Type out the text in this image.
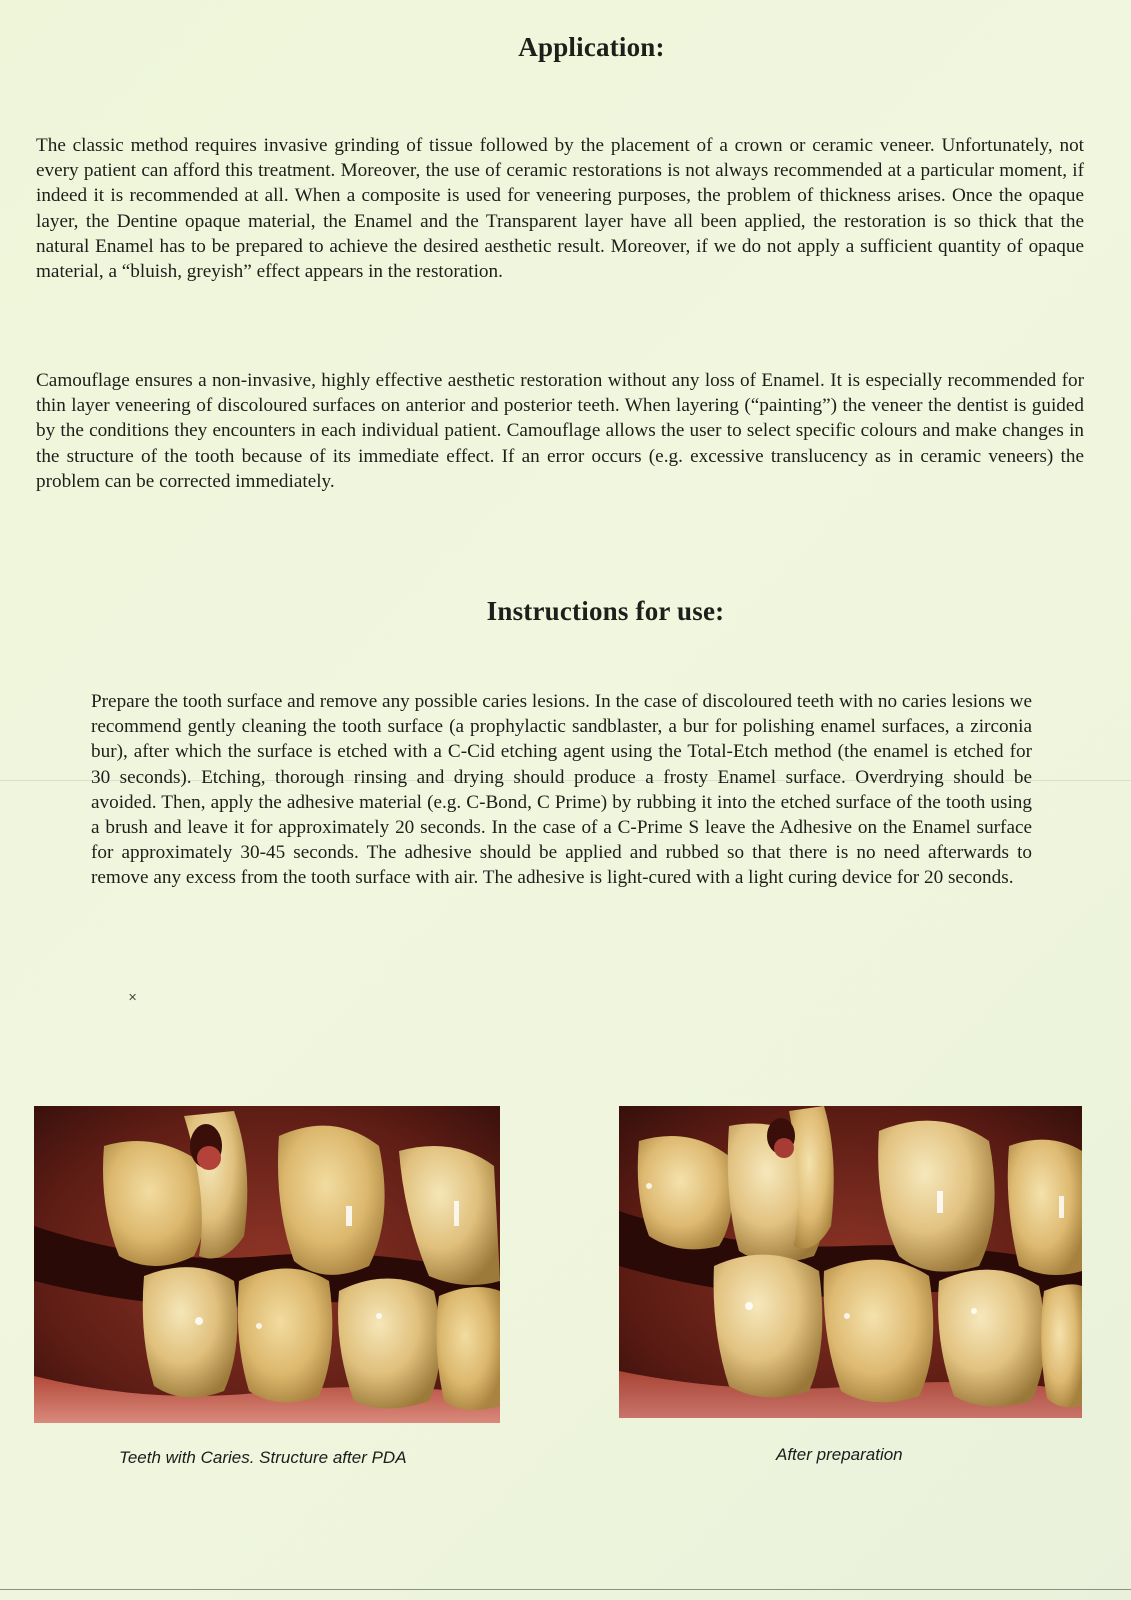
Application:

The classic method requires invasive grinding of tissue followed by the placement of a crown or ceramic veneer. Unfortunately, not every patient can afford this treatment. Moreover, the use of ceramic restorations is not always recommended at a particular moment, if indeed it is recommended at all. When a composite is used for veneering purposes, the problem of thickness arises. Once the opaque layer, the Dentine opaque material, the Enamel and the Transparent layer have all been applied, the restoration is so thick that the natural Enamel has to be prepared to achieve the desired aesthetic result. Moreover, if we do not apply a sufficient quantity of opaque material, a “bluish, greyish” effect appears in the restoration.

Camouflage ensures a non-invasive, highly effective aesthetic restoration without any loss of Enamel. It is especially recommended for thin layer veneering of discoloured surfaces on anterior and posterior teeth. When layering (“painting”) the veneer the dentist is guided by the conditions they encounters in each individual patient. Camouflage allows the user to select specific colours and make changes in the structure of the tooth because of its immediate effect. If an error occurs (e.g. excessive translucency as in ceramic veneers) the problem can be corrected immediately.

Instructions for use:

Prepare the tooth surface and remove any possible caries lesions. In the case of discoloured teeth with no caries lesions we recommend gently cleaning the tooth surface (a prophylactic sandblaster, a bur for polishing enamel surfaces, a zirconia bur), after which the surface is etched with a C-Cid etching agent using the Total-Etch method (the enamel is etched for 30 seconds). Etching, thorough rinsing and drying should produce a frosty Enamel surface. Overdrying should be avoided. Then, apply the adhesive material (e.g. C-Bond, C Prime) by rubbing it into the etched surface of the tooth using a brush and leave it for approximately 20 seconds. In the case of a C-Prime S leave the Adhesive on the Enamel surface for approximately 30-45 seconds. The adhesive should be applied and rubbed so that there is no need afterwards to remove any excess from the tooth surface with air. The adhesive is light-cured with a light curing device for 20 seconds.

✕
Teeth with Caries. Structure after PDA	After preparation
